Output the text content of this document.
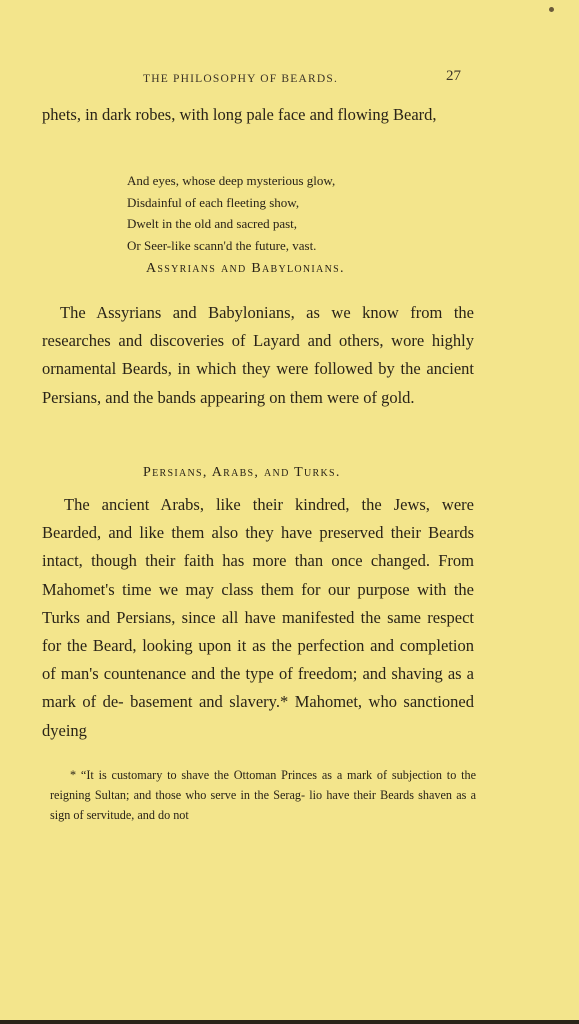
THE PHILOSOPHY OF BEARDS.	27
phets, in dark robes, with long pale face and flowing Beard,
And eyes, whose deep mysterious glow,
Disdainful of each fleeting show,
Dwelt in the old and sacred past,
Or Seer-like scann'd the future, vast.
Assyrians and Babylonians.
The Assyrians and Babylonians, as we know from the researches and discoveries of Layard and others, wore highly ornamental Beards, in which they were followed by the ancient Persians, and the bands appearing on them were of gold.
Persians, Arabs, and Turks.
The ancient Arabs, like their kindred, the Jews, were Bearded, and like them also they have preserved their Beards intact, though their faith has more than once changed. From Mahomet's time we may class them for our purpose with the Turks and Persians, since all have manifested the same respect for the Beard, looking upon it as the perfection and completion of man's countenance and the type of freedom; and shaving as a mark of de- basement and slavery.* Mahomet, who sanctioned dyeing
* “It is customary to shave the Ottoman Princes as a mark of subjection to the reigning Sultan; and those who serve in the Serag- lio have their Beards shaven as a sign of servitude, and do not
